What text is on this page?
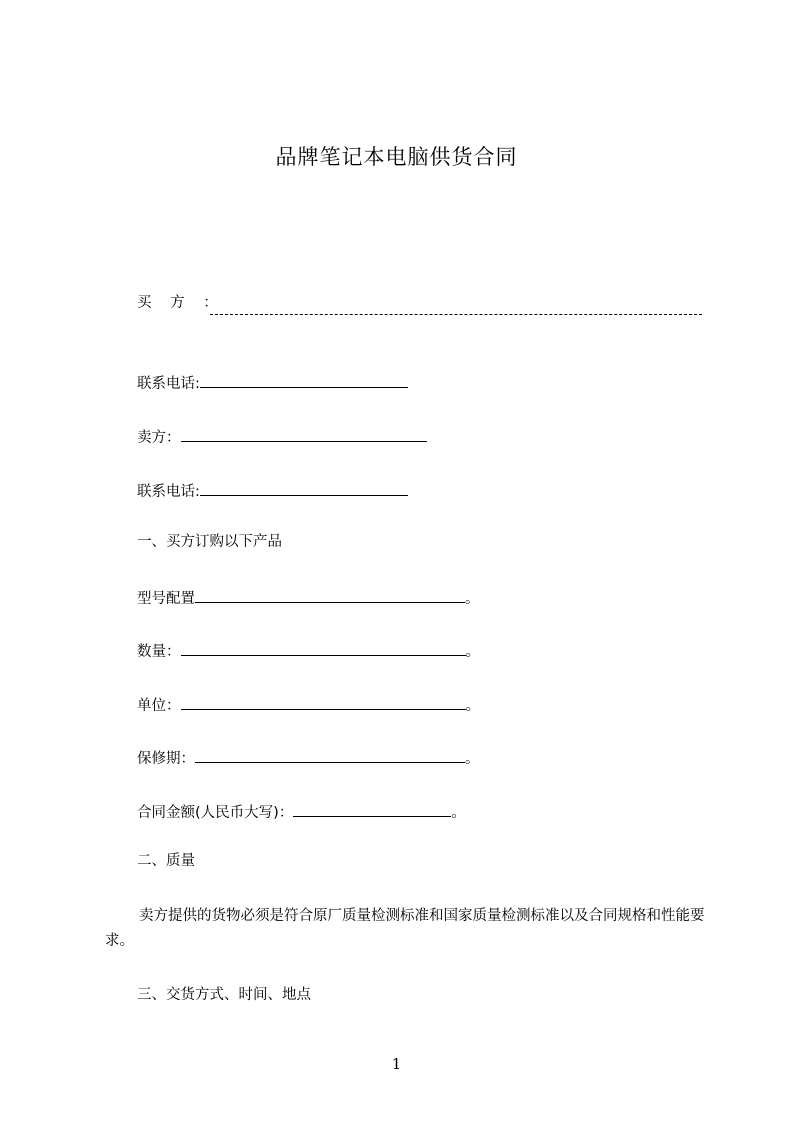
品牌笔记本电脑供货合同
买 方 ：
联系电话:
卖方：
联系电话:
一、买方订购以下产品
型号配置	。
数量：	。
单位：	。
保修期：	。
合同金额(人民币大写)：	。
二、质量
卖方提供的货物必须是符合原厂质量检测标准和国家质量检测标准以及合同规格和性能要求。
三、交货方式、时间、地点
1
